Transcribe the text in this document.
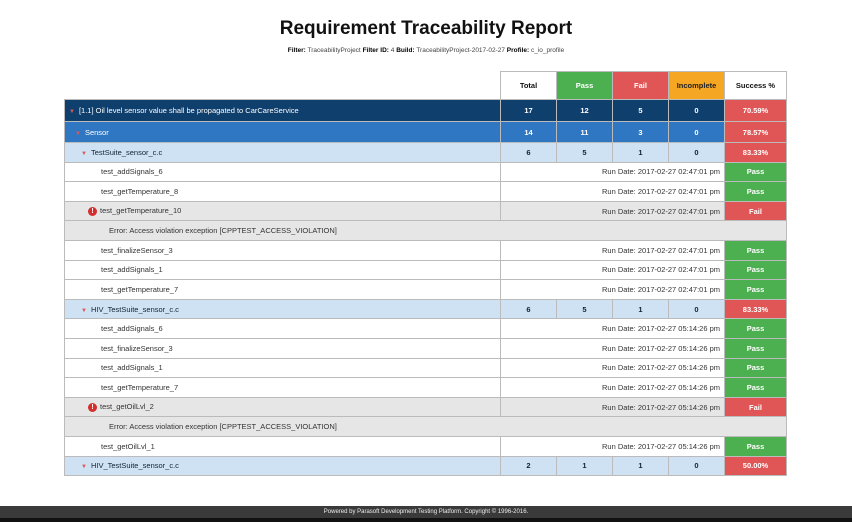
Requirement Traceability Report
Filter: TraceabilityProject Filter ID: 4 Build: TraceabilityProject-2017-02-27 Profile: c_io_profile
	Total	Pass	Fail	Incomplete	Success %
▼ [1.1] Oil level sensor value shall be propagated to CarCareService	17	12	5	0	70.59%
▼ Sensor	14	11	3	0	78.57%
▼ TestSuite_sensor_c.c	6	5	1	0	83.33%
test_addSignals_6	Run Date: 2017-02-27 02:47:01 pm				Pass
test_getTemperature_8	Run Date: 2017-02-27 02:47:01 pm				Pass
! test_getTemperature_10	Run Date: 2017-02-27 02:47:01 pm				Fail
Error: Access violation exception [CPPTEST_ACCESS_VIOLATION]					
test_finalizeSensor_3	Run Date: 2017-02-27 02:47:01 pm				Pass
test_addSignals_1	Run Date: 2017-02-27 02:47:01 pm				Pass
test_getTemperature_7	Run Date: 2017-02-27 02:47:01 pm				Pass
▼ HIV_TestSuite_sensor_c.c	6	5	1	0	83.33%
test_addSignals_6	Run Date: 2017-02-27 05:14:26 pm				Pass
test_finalizeSensor_3	Run Date: 2017-02-27 05:14:26 pm				Pass
test_addSignals_1	Run Date: 2017-02-27 05:14:26 pm				Pass
test_getTemperature_7	Run Date: 2017-02-27 05:14:26 pm				Pass
! test_getOilLvl_2	Run Date: 2017-02-27 05:14:26 pm				Fail
Error: Access violation exception [CPPTEST_ACCESS_VIOLATION]					
test_getOilLvl_1	Run Date: 2017-02-27 05:14:26 pm				Pass
▼ HIV_TestSuite_sensor_c.c	2	1	1	0	50.00%
Powered by Parasoft Development Testing Platform. Copyright © 1996-2016.
